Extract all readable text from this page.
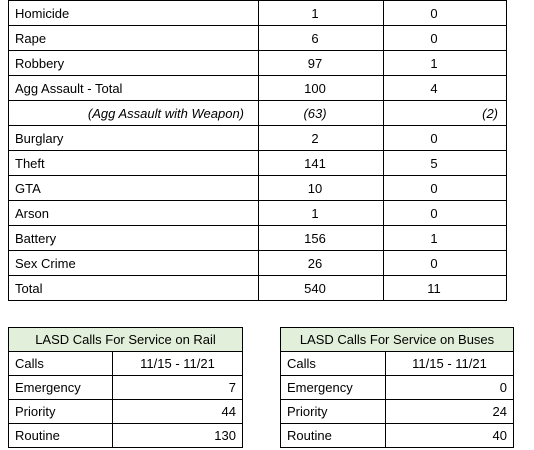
Homicide	1	0
Rape	6	0
Robbery	97	1
Agg Assault - Total	100	4
(Agg Assault with Weapon)	(63)	(2)
Burglary	2	0
Theft	141	5
GTA	10	0
Arson	1	0
Battery	156	1
Sex Crime	26	0
Total	540	11
LASD Calls For Service on Rail	
Calls	11/15 - 11/21
Emergency	7
Priority	44
Routine	130
LASD Calls For Service on Buses	
Calls	11/15 - 11/21
Emergency	0
Priority	24
Routine	40
